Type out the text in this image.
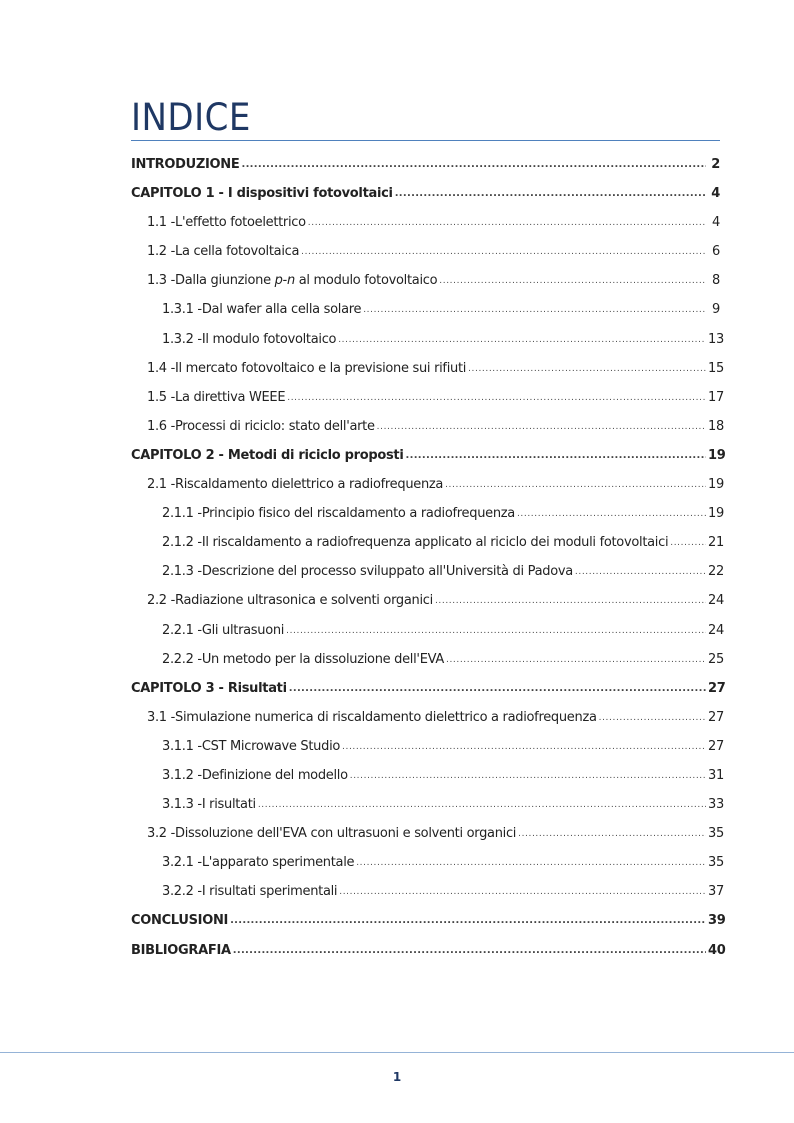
INDICE
INTRODUZIONE .....	2
CAPITOLO 1 - I dispositivi fotovoltaici .....	4
1.1 - L'effetto fotoelettrico .....	4
1.2 - La cella fotovoltaica .....	6
1.3 - Dalla giunzione p-n al modulo fotovoltaico .....	8
1.3.1 - Dal wafer alla cella solare .....	9
1.3.2 - Il modulo fotovoltaico .....	13
1.4 - Il mercato fotovoltaico e la previsione sui rifiuti .....	15
1.5 - La direttiva WEEE .....	17
1.6 - Processi di riciclo: stato dell'arte .....	18
CAPITOLO 2 - Metodi di riciclo proposti .....	19
2.1 - Riscaldamento dielettrico a radiofrequenza .....	19
2.1.1 - Principio fisico del riscaldamento a radiofrequenza .....	19
2.1.2 - Il riscaldamento a radiofrequenza applicato al riciclo dei moduli fotovoltaici .....	21
2.1.3 - Descrizione del processo sviluppato all'Università di Padova .....	22
2.2 - Radiazione ultrasonica e solventi organici .....	24
2.2.1 - Gli ultrasuoni .....	24
2.2.2 - Un metodo per la dissoluzione dell'EVA .....	25
CAPITOLO 3 - Risultati .....	27
3.1 - Simulazione numerica di riscaldamento dielettrico a radiofrequenza .....	27
3.1.1 - CST Microwave Studio .....	27
3.1.2 - Definizione del modello .....	31
3.1.3 - I risultati .....	33
3.2 - Dissoluzione dell'EVA con ultrasuoni e solventi organici .....	35
3.2.1 - L'apparato sperimentale .....	35
3.2.2 - I risultati sperimentali .....	37
CONCLUSIONI .....	39
BIBLIOGRAFIA .....	40
1
